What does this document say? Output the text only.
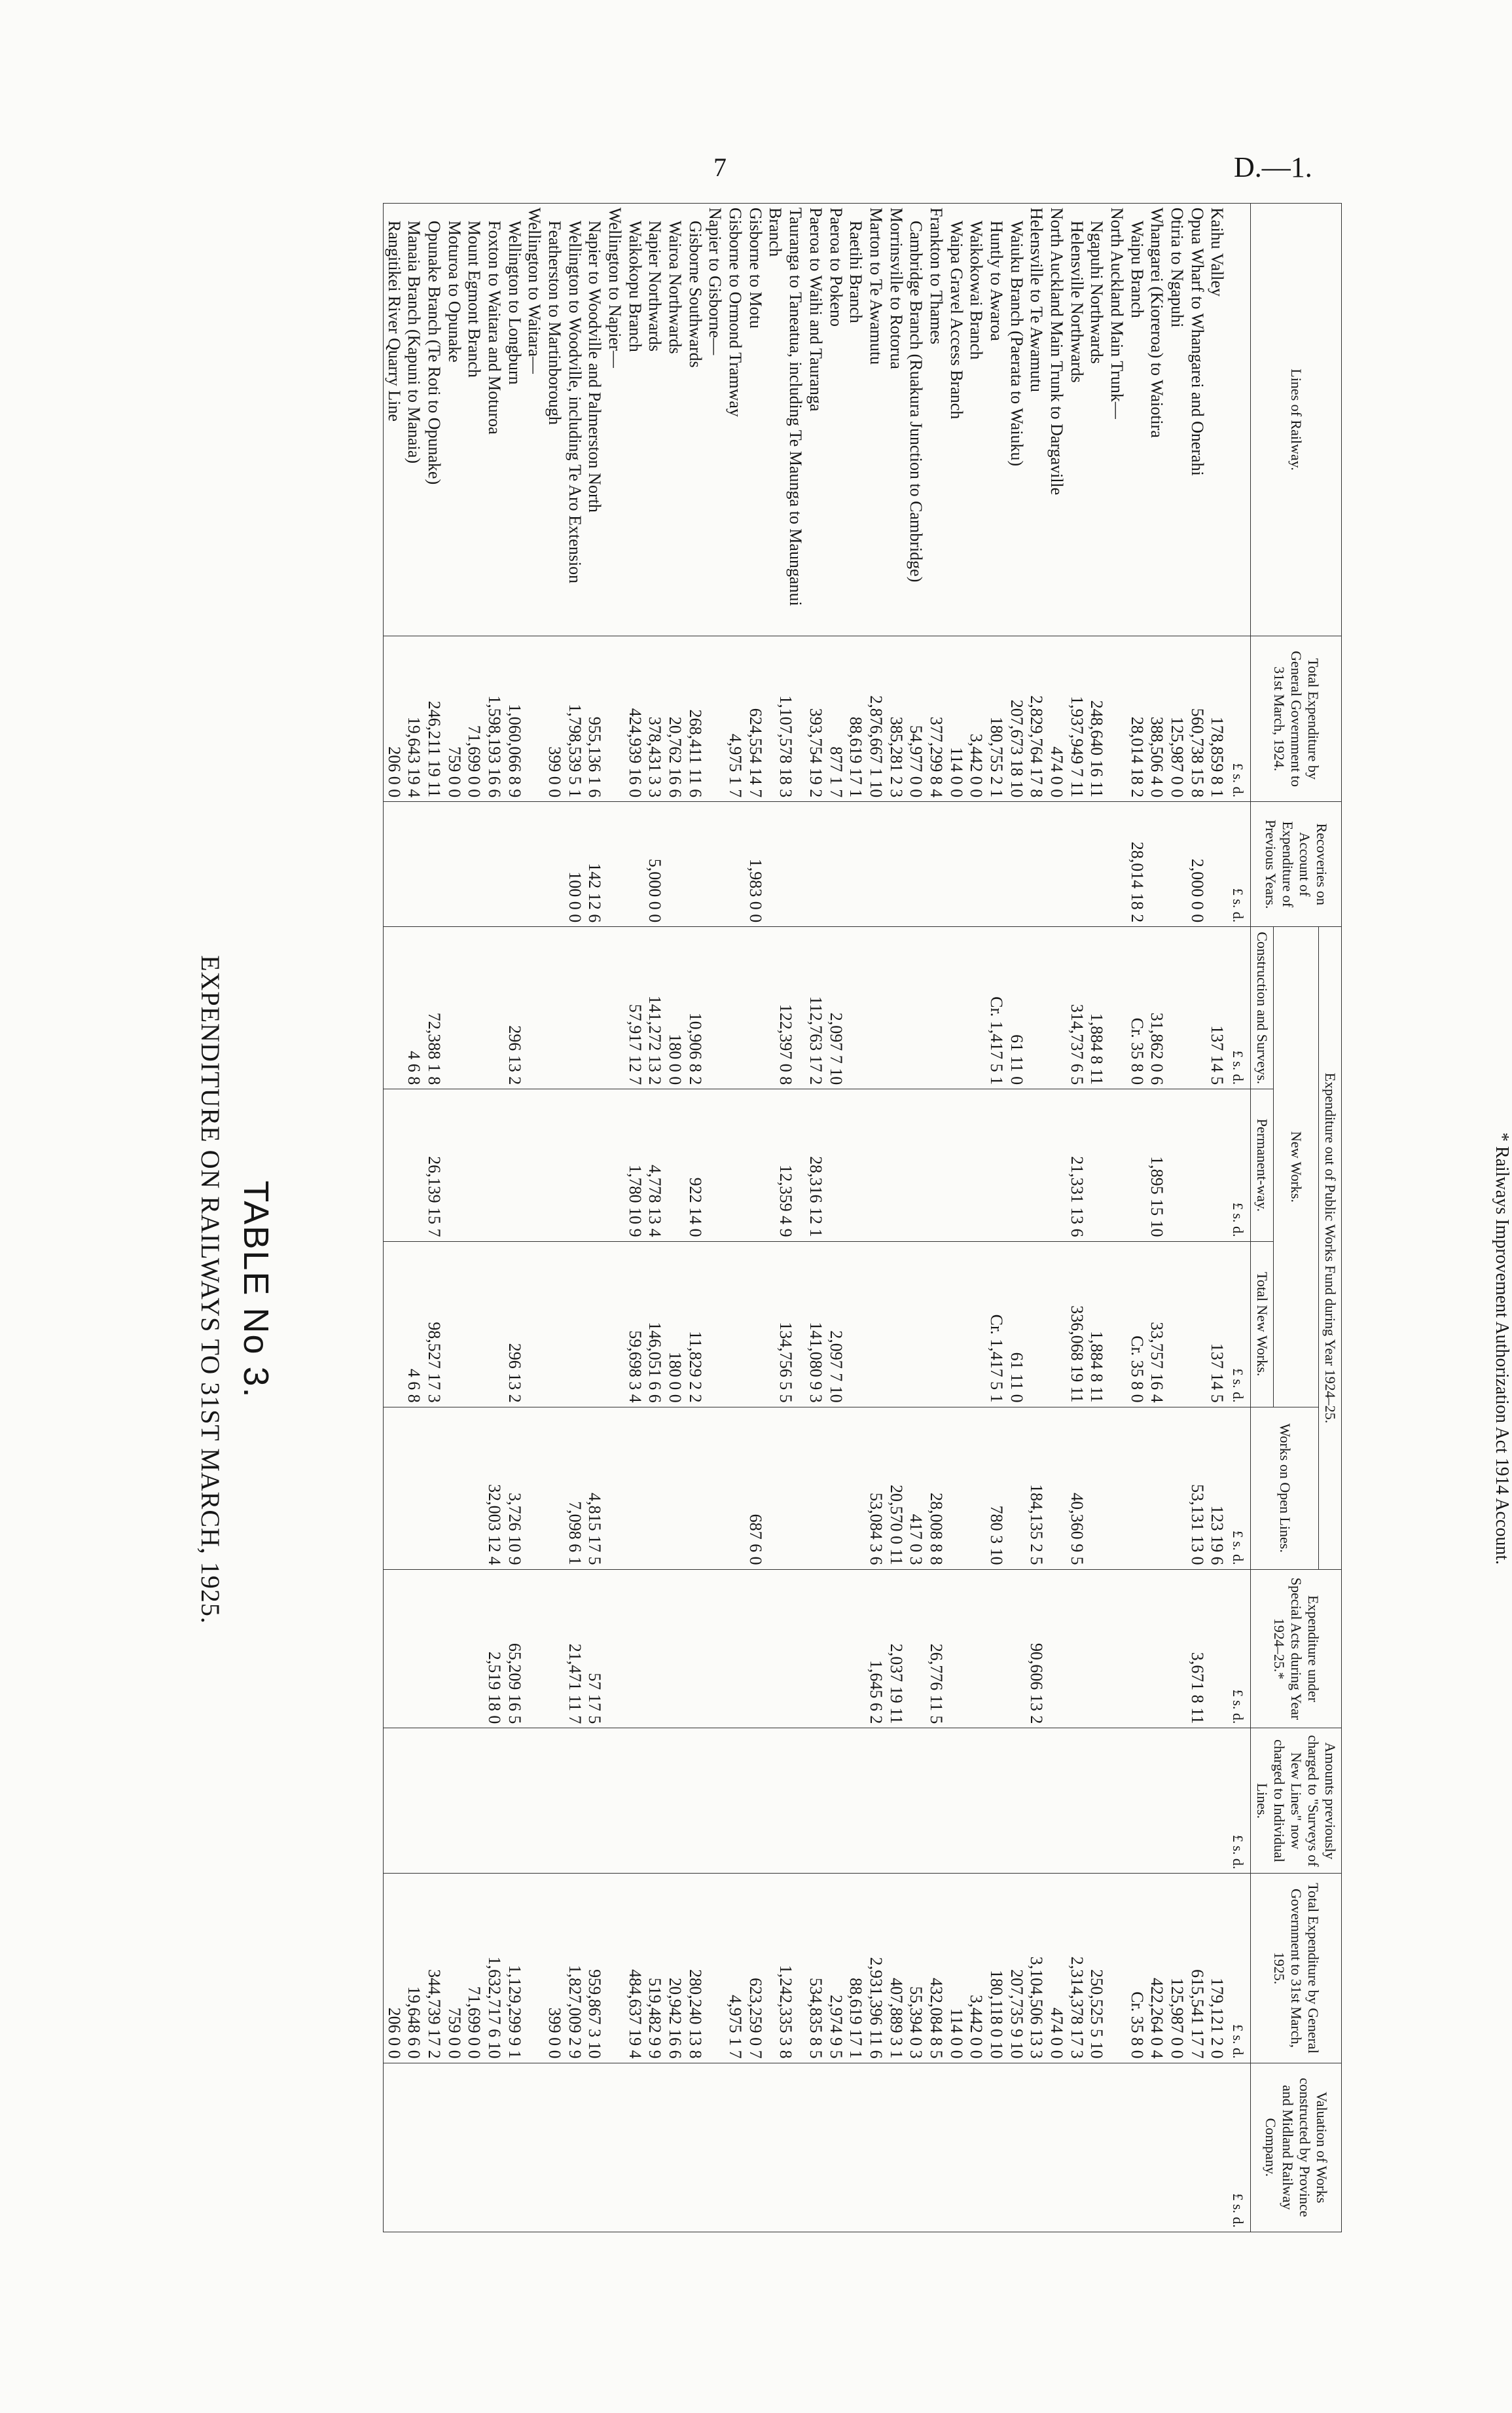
7	D.—1.
TABLE No 3.
EXPENDITURE ON RAILWAYS TO 31ST MARCH, 1925.	* Railways Improvement Authorization Act 1914 Account.
Lines of Railway.	Total Expenditure by General Government to 31st March, 1924.	Recoveries on Account of Expenditure of Previous Years.	Expenditure out of Public Works Fund during Year 1924–25.				Expenditure under Special Acts during Year 1924–25.*	Amounts previously charged to "Surveys of New Lines" now charged to Individual Lines.	Total Expenditure by General Government to 31st March, 1925.	Valuation of Works constructed by Province and Midland Railway Company.
			New Works.			Works on Open Lines.				
			Construction and Surveys.	Permanent-way.	Total New Works.					
	£ s. d.	£ s. d.	£ s. d.	£ s. d.	£ s. d.	£ s. d.	£ s. d.	£ s. d.	£ s. d.	£ s. d.
Kaihu Valley	178,859 8 1		137 14 5		137 14 5	123 19 6			179,121 2 0	
Opua Wharf to Whangarei and Onerahi	560,738 15 8	2,000 0 0				53,131 13 0	3,671 8 11		615,541 17 7	
Otiria to Ngapuhi	125,987 0 0								125,987 0 0	
Whangarei (Kioreroa) to Waiotira	388,506 4 0		31,862 0 6	1,895 15 10	33,757 16 4				422,264 0 4	
Waipu Branch	28,014 18 2	28,014 18 2	Cr. 35 8 0		Cr. 35 8 0				Cr. 35 8 0	
North Auckland Main Trunk—										
Ngapuhi Northwards	248,640 16 11		1,884 8 11		1,884 8 11				250,525 5 10	
Helensville Northwards	1,937,949 7 11		314,737 6 5	21,331 13 6	336,068 19 11	40,360 9 5			2,314,378 17 3	
North Auckland Main Trunk to Dargaville	474 0 0								474 0 0	
Helensville to Te Awamutu	2,829,764 17 8					184,135 2 5	90,606 13 2		3,104,506 13 3	
Waiuku Branch (Paerata to Waiuku)	207,673 18 10		61 11 0		61 11 0				207,735 9 10	
Huntly to Awaroa	180,755 2 1		Cr. 1,417 5 1		Cr. 1,417 5 1	780 3 10			180,118 0 10	
Waikokowai Branch	3,442 0 0								3,442 0 0	
Waipa Gravel Access Branch	114 0 0								114 0 0	
Frankton to Thames	377,299 8 4					28,008 8 8	26,776 11 5		432,084 8 5	
Cambridge Branch (Ruakura Junction to Cambridge)	54,977 0 0					417 0 3			55,394 0 3	
Morrinsville to Rotorua	385,281 2 3					20,570 0 11	2,037 19 11		407,889 3 1	
Marton to Te Awamutu	2,876,667 1 10					53,084 3 6	1,645 6 2		2,931,396 11 6	
Raetihi Branch	88,619 17 1								88,619 17 1	
Paeroa to Pokeno	877 1 7		2,097 7 10		2,097 7 10				2,974 9 5	
Paeroa to Waihi and Tauranga	393,754 19 2		112,763 17 2	28,316 12 1	141,080 9 3				534,835 8 5	
Tauranga to Taneatua, including Te Maunga to Maunganui Branch	1,107,578 18 3		122,397 0 8	12,359 4 9	134,756 5 5				1,242,335 3 8	
Gisborne to Motu	624,554 14 7	1,983 0 0				687 6 0			623,259 0 7	
Gisborne to Ormond Tramway	4,975 1 7								4,975 1 7	
Napier to Gisborne—										
Gisborne Southwards	268,411 11 6		10,906 8 2	922 14 0	11,829 2 2				280,240 13 8	
Wairoa Northwards	20,762 16 6		180 0 0		180 0 0				20,942 16 6	
Napier Northwards	378,431 3 3	5,000 0 0	141,272 13 2	4,778 13 4	146,051 6 6				519,482 9 9	
Waikokopu Branch	424,939 16 0		57,917 12 7	1,780 10 9	59,698 3 4				484,637 19 4	
Wellington to Napier—										
Napier to Woodville and Palmerston North	955,136 1 6	142 12 6				4,815 17 5	57 17 5		959,867 3 10	
Wellington to Woodville, including Te Aro Extension	1,798,539 5 1	100 0 0				7,098 6 1	21,471 11 7		1,827,009 2 9	
Featherston to Martinborough	399 0 0								399 0 0	
Wellington to Waitara—										
Wellington to Longburn	1,060,066 8 9		296 13 2		296 13 2	3,726 10 9	65,209 16 5		1,129,299 9 1	
Foxton to Waitara and Moturoa	1,598,193 16 6					32,003 12 4	2,519 18 0		1,632,717 6 10	
Mount Egmont Branch	71,699 0 0								71,699 0 0	
Moturoa to Opunake	759 0 0								759 0 0	
Opunake Branch (Te Roti to Opunake)	246,211 19 11		72,388 1 8	26,139 15 7	98,527 17 3				344,739 17 2	
Manaia Branch (Kapuni to Manaia)	19,643 19 4		4 6 8		4 6 8				19,648 6 0	
Rangitikei River Quarry Line	206 0 0								206 0 0	
